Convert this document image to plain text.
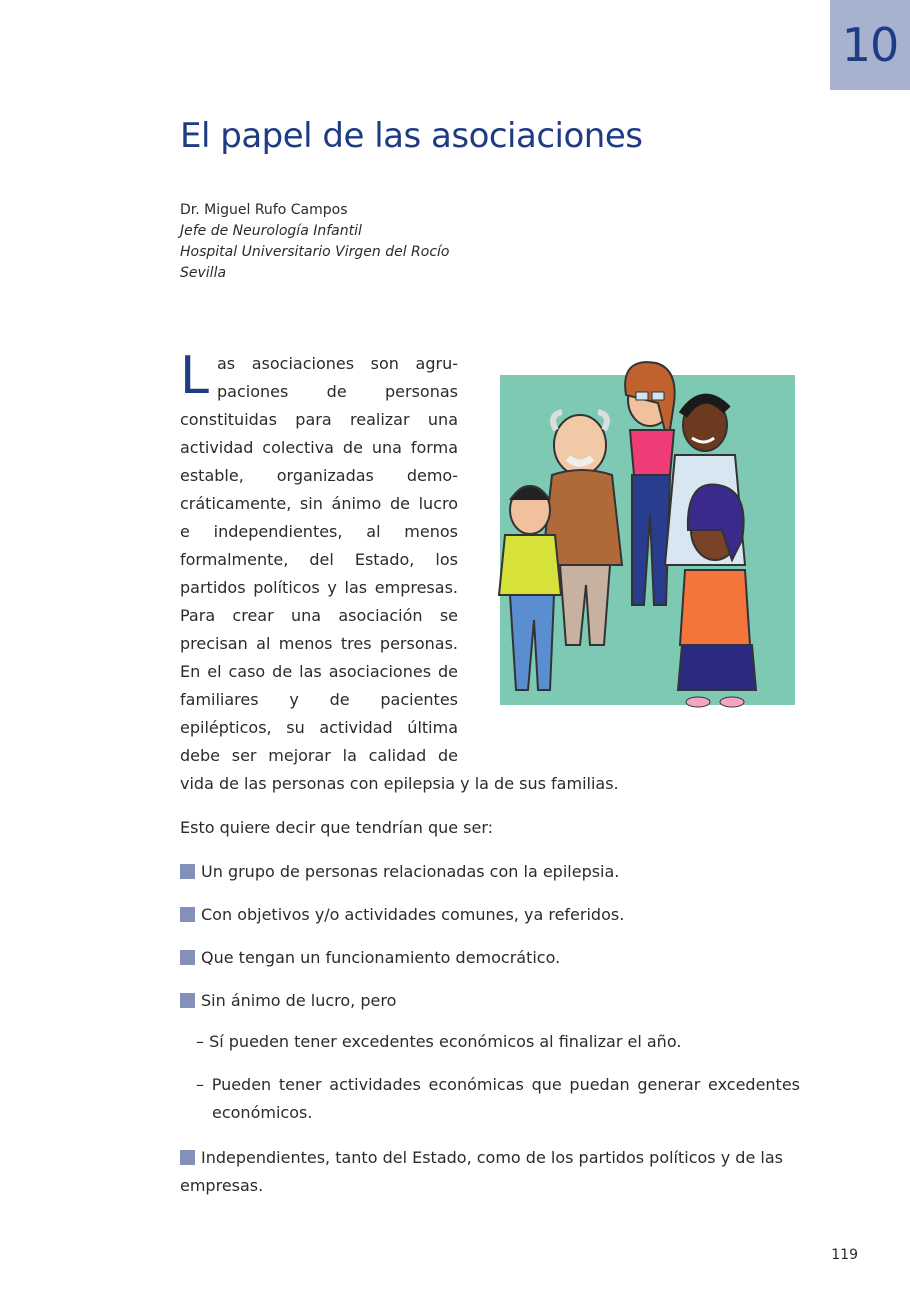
10
El papel de las asociaciones
Dr. Miguel Rufo Campos
Jefe de Neurología Infantil
Hospital Universitario Virgen del Rocío
Sevilla
L as asociaciones son agrupaciones de personas constituidas para realizar una actividad colectiva de una forma estable, organizadas democráticamente, sin ánimo de lucro e independientes, al menos formalmente, del Estado, los partidos políticos y las empresas. Para crear una asociación se precisan al menos tres personas. En el caso de las asociaciones de familiares y de pacientes epilépticos, su actividad última debe ser mejorar la calidad de vida de las personas con epilepsia y la de sus familias.

Esto quiere decir que tendrían que ser:
Un grupo de personas relacionadas con la epilepsia.
Con objetivos y/o actividades comunes, ya referidos.
Que tengan un funcionamiento democrático.
Sin ánimo de lucro, pero
– Sí pueden tener excedentes económicos al finalizar el año.
– Pueden tener actividades económicas que puedan generar excedentes económicos.
Independientes, tanto del Estado, como de los partidos políticos y de las empresas.
119
